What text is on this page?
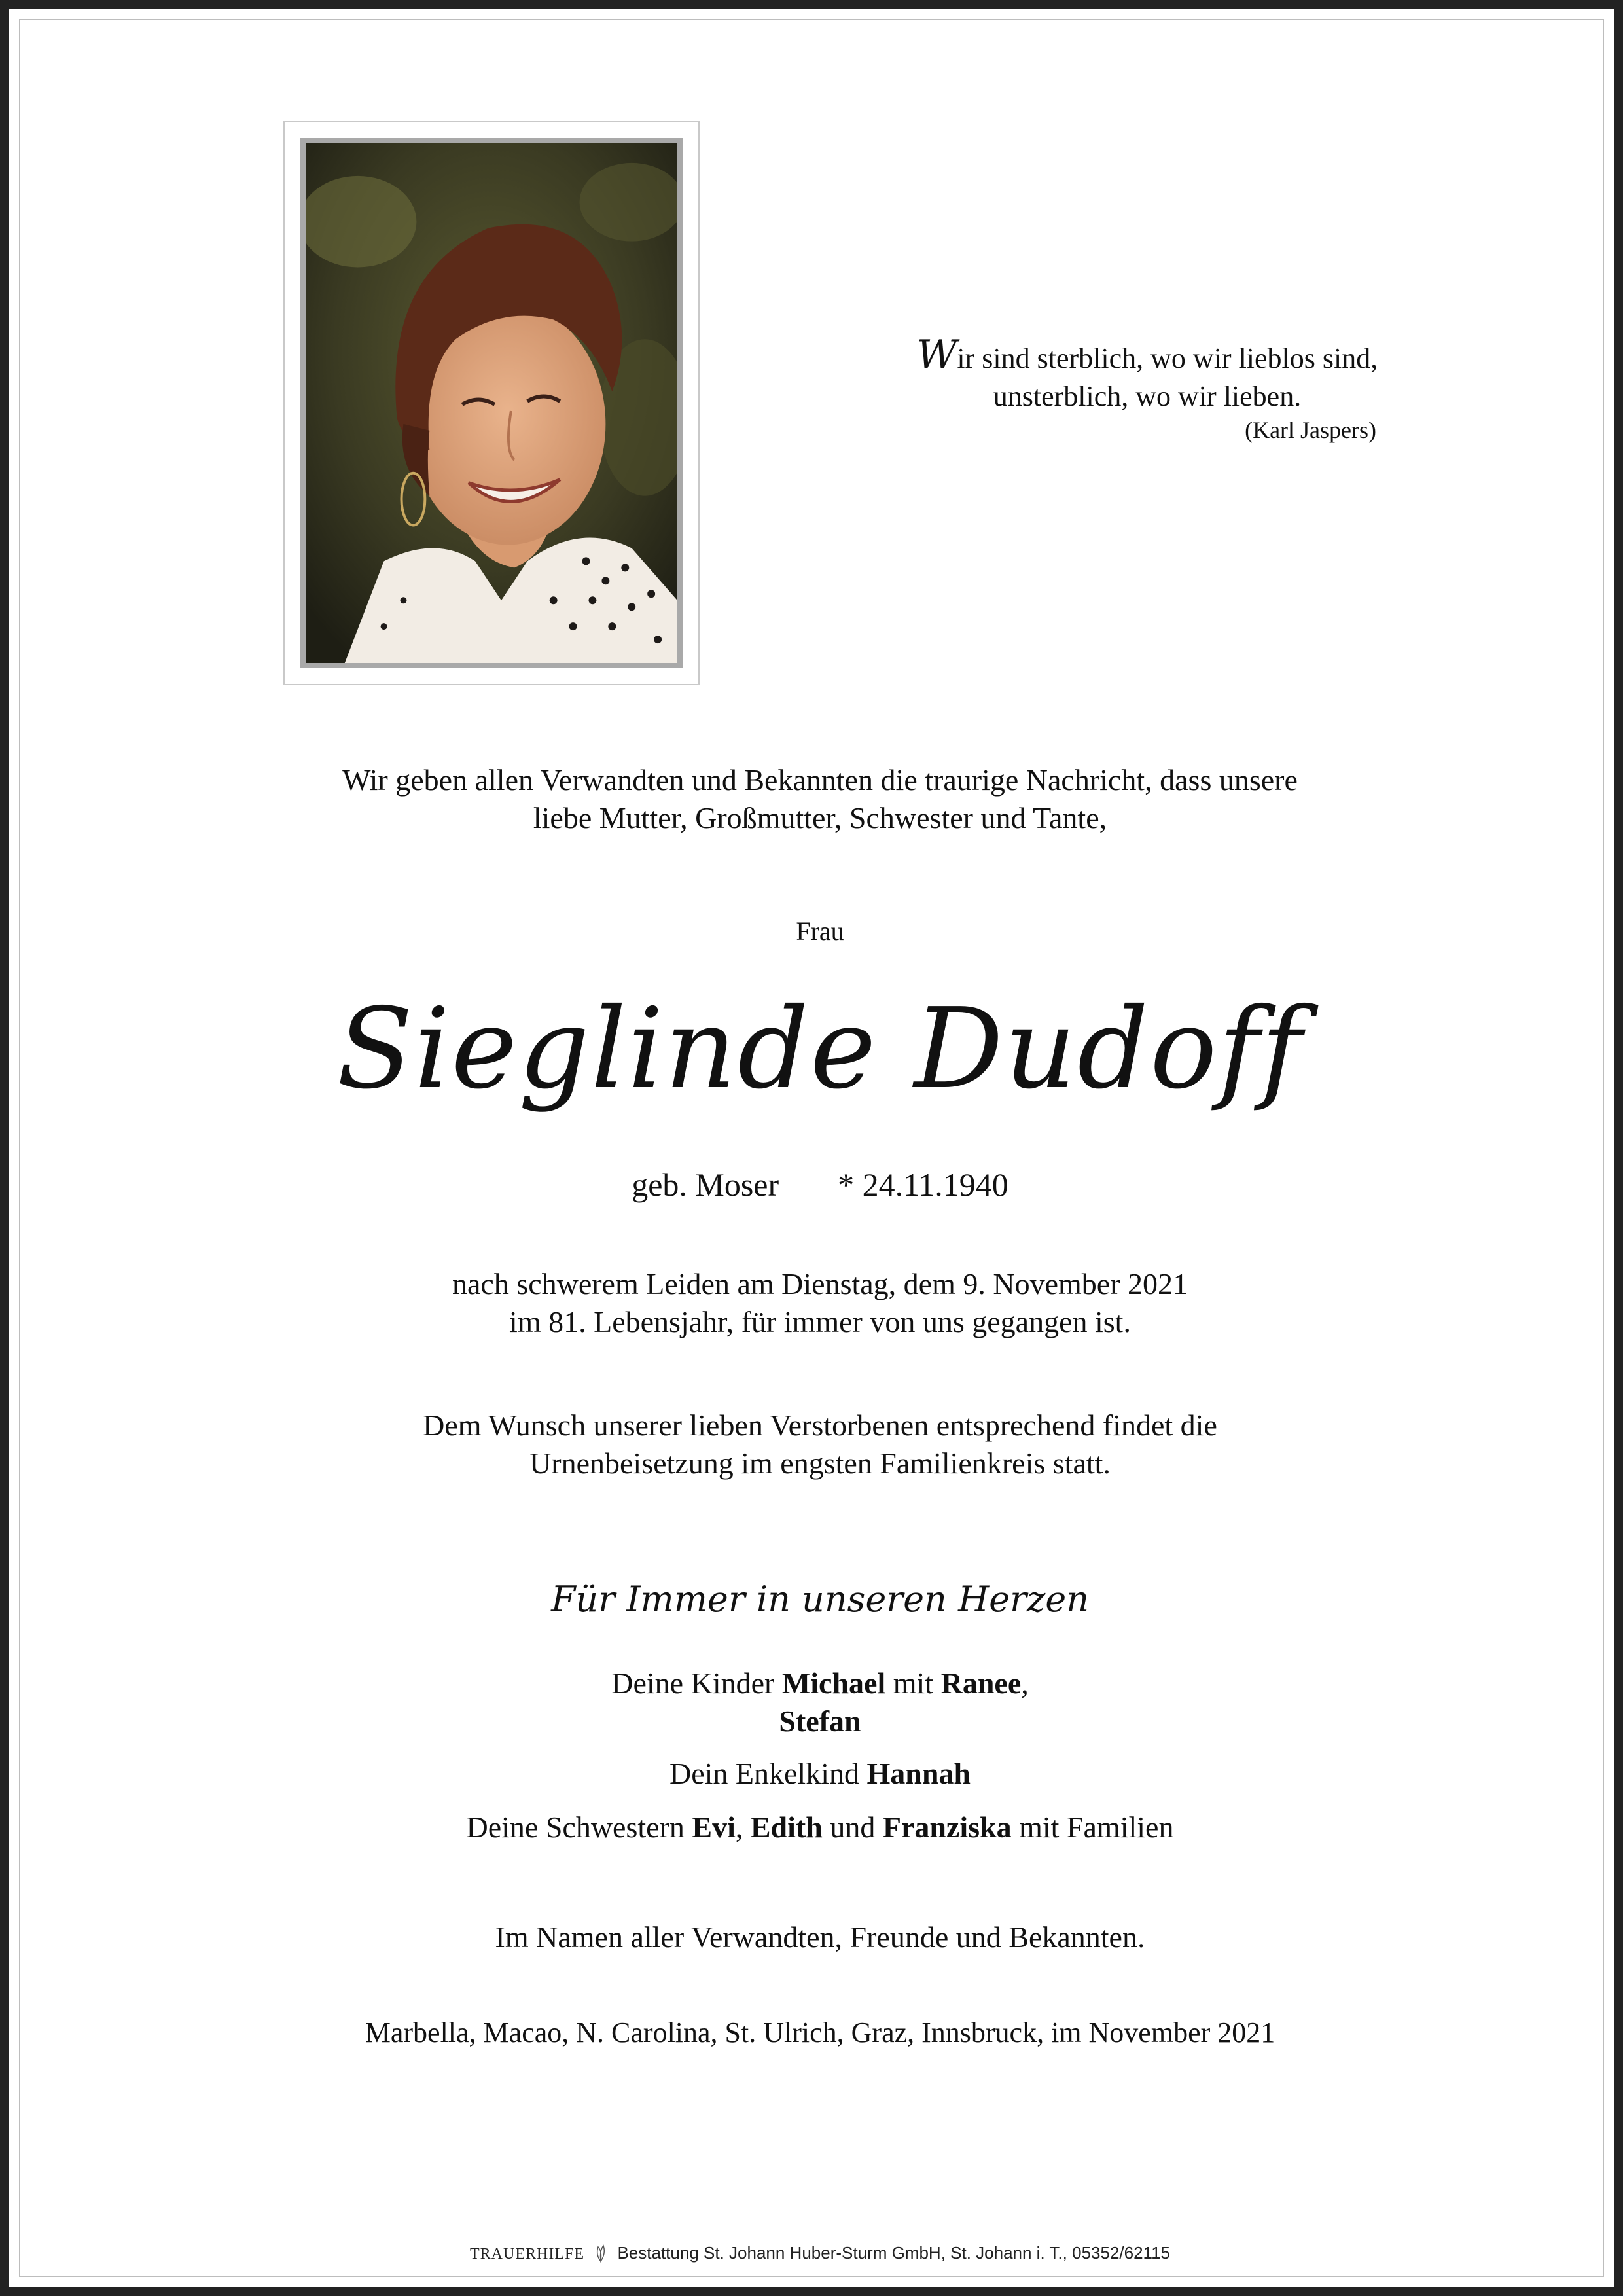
Wir sind sterblich, wo wir lieblos sind,
unsterblich, wo wir lieben.
(Karl Jaspers)
Wir geben allen Verwandten und Bekannten die traurige Nachricht, dass unsere
liebe Mutter, Großmutter, Schwester und Tante,
Frau
Sieglinde Dudoff
geb. Moser * 24.11.1940
nach schwerem Leiden am Dienstag, dem 9. November 2021
im 81. Lebensjahr, für immer von uns gegangen ist.
Dem Wunsch unserer lieben Verstorbenen entsprechend findet die
Urnenbeisetzung im engsten Familienkreis statt.
Für Immer in unseren Herzen
Deine Kinder Michael mit Ranee,
Stefan
Dein Enkelkind Hannah
Deine Schwestern Evi, Edith und Franziska mit Familien
Im Namen aller Verwandten, Freunde und Bekannten.
Marbella, Macao, N. Carolina, St. Ulrich, Graz, Innsbruck, im November 2021
TRAUERHILFE Bestattung St. Johann Huber-Sturm GmbH, St. Johann i. T., 05352/62115
